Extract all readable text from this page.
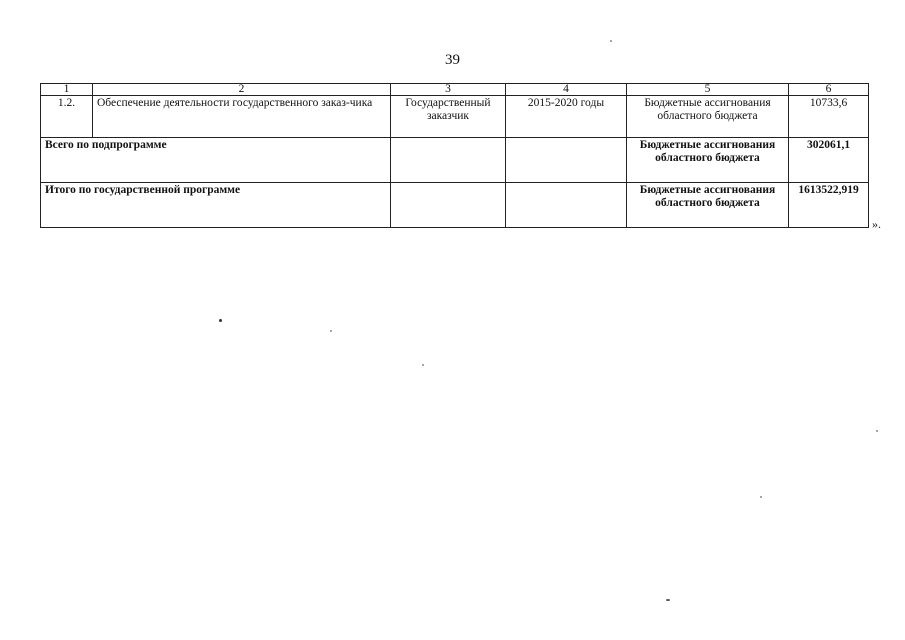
39
1	2	3	4	5	6
1.2.	Обеспечение деятельности государственного заказ-чика	Государственный заказчик	2015-2020 годы	Бюджетные ассигнования областного бюджета	10733,6
Всего по подпрограмме				Бюджетные ассигнования областного бюджета	302061,1
Итого по государственной программе				Бюджетные ассигнования областного бюджета	1613522,919
».
